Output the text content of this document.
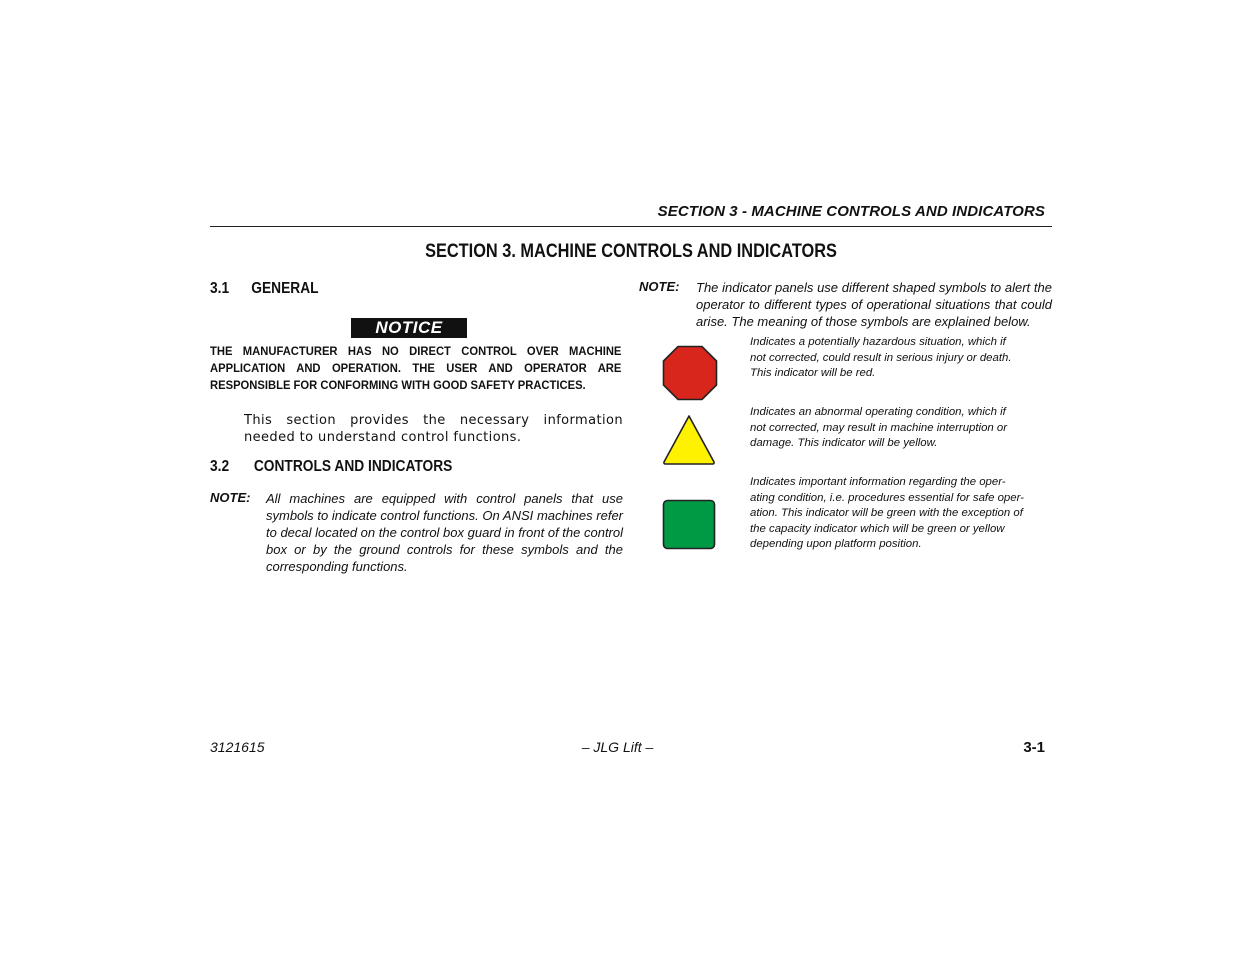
SECTION 3 - MACHINE CONTROLS AND INDICATORS
SECTION 3. MACHINE CONTROLS AND INDICATORS
3.1 GENERAL
NOTICE
THE MANUFACTURER HAS NO DIRECT CONTROL OVER MACHINE APPLICATION AND OPERATION. THE USER AND OPERATOR ARE RESPONSIBLE FOR CONFORMING WITH GOOD SAFETY PRACTICES.
This section provides the necessary information needed to understand control functions.
3.2 CONTROLS AND INDICATORS
NOTE: All machines are equipped with control panels that use symbols to indicate control functions. On ANSI machines refer to decal located on the control box guard in front of the control box or by the ground controls for these symbols and the corresponding functions.
NOTE: The indicator panels use different shaped symbols to alert the operator to different types of operational situations that could arise. The meaning of those symbols are explained below.
Indicates a potentially hazardous situation, which if
not corrected, could result in serious injury or death.
This indicator will be red.
Indicates an abnormal operating condition, which if
not corrected, may result in machine interruption or
damage. This indicator will be yellow.
Indicates important information regarding the oper-
ating condition, i.e. procedures essential for safe oper-
ation. This indicator will be green with the exception of
the capacity indicator which will be green or yellow
depending upon platform position.
3121615	– JLG Lift –	3-1
